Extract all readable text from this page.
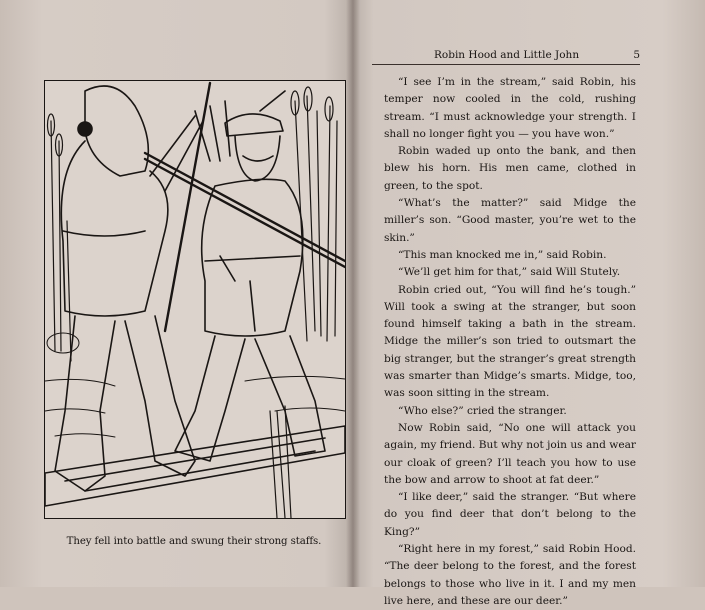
They fell into battle and swung their strong staffs.
Robin Hood and Little John	5

“I see I’m in the stream,” said Robin, his temper now cooled in the cold, rushing stream. “I must acknowledge your strength. I shall no longer fight you — you have won.”

Robin waded up onto the bank, and then blew his horn. His men came, clothed in green, to the spot.

“What’s the matter?” said Midge the miller’s son. “Good master, you’re wet to the skin.”

“This man knocked me in,” said Robin.

“We’ll get him for that,” said Will Stutely.

Robin cried out, “You will find he’s tough.” Will took a swing at the stranger, but soon found himself taking a bath in the stream. Midge the miller’s son tried to outsmart the big stranger, but the stranger’s great strength was smarter than Midge’s smarts. Midge, too, was soon sitting in the stream.

“Who else?” cried the stranger.

Now Robin said, “No one will attack you again, my friend. But why not join us and wear our cloak of green? I’ll teach you how to use the bow and arrow to shoot at fat deer.”

“I like deer,” said the stranger. “But where do you find deer that don’t belong to the King?”

“Right here in my forest,” said Robin Hood. “The deer belong to the forest, and the forest belongs to those who live in it. I and my men live here, and these are our deer.”
